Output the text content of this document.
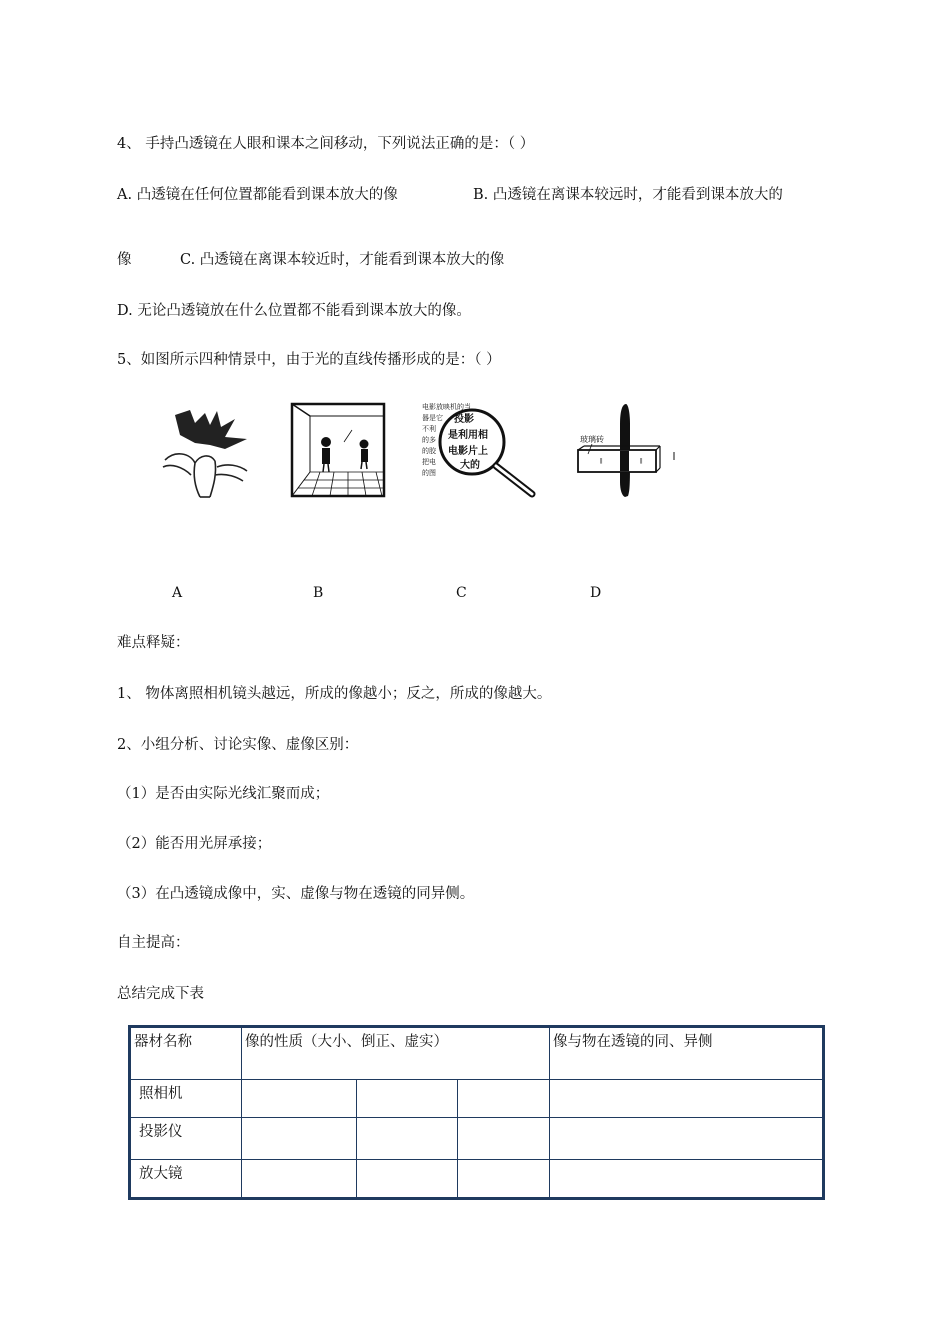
4、 手持凸透镜在人眼和课本之间移动，下列说法正确的是：（ ）
A. 凸透镜在任何位置都能看到课本放大的像	B. 凸透镜在离课本较远时，才能看到课本放大的
像	C. 凸透镜在离课本较近时，才能看到课本放大的像
D. 无论凸透镜放在什么位置都不能看到课本放大的像。
5、如图所示四种情景中，由于光的直线传播形成的是：（ ）
电影放映机的当
器是它
不利
的多
的胶
把电
的图
投影
是利用相
电影片上
大的
玻璃砖
∥	∥
A	B	C	D
难点释疑：
1、 物体离照相机镜头越远，所成的像越小；反之，所成的像越大。
2、小组分析、讨论实像、虚像区别：
（1）是否由实际光线汇聚而成；
（2）能否用光屏承接；
（3）在凸透镜成像中，实、虚像与物在透镜的同异侧。
自主提高：
总结完成下表
器材名称	像的性质（大小、倒正、虚实）			像与物在透镜的同、异侧
照相机				
投影仪				
放大镜				
